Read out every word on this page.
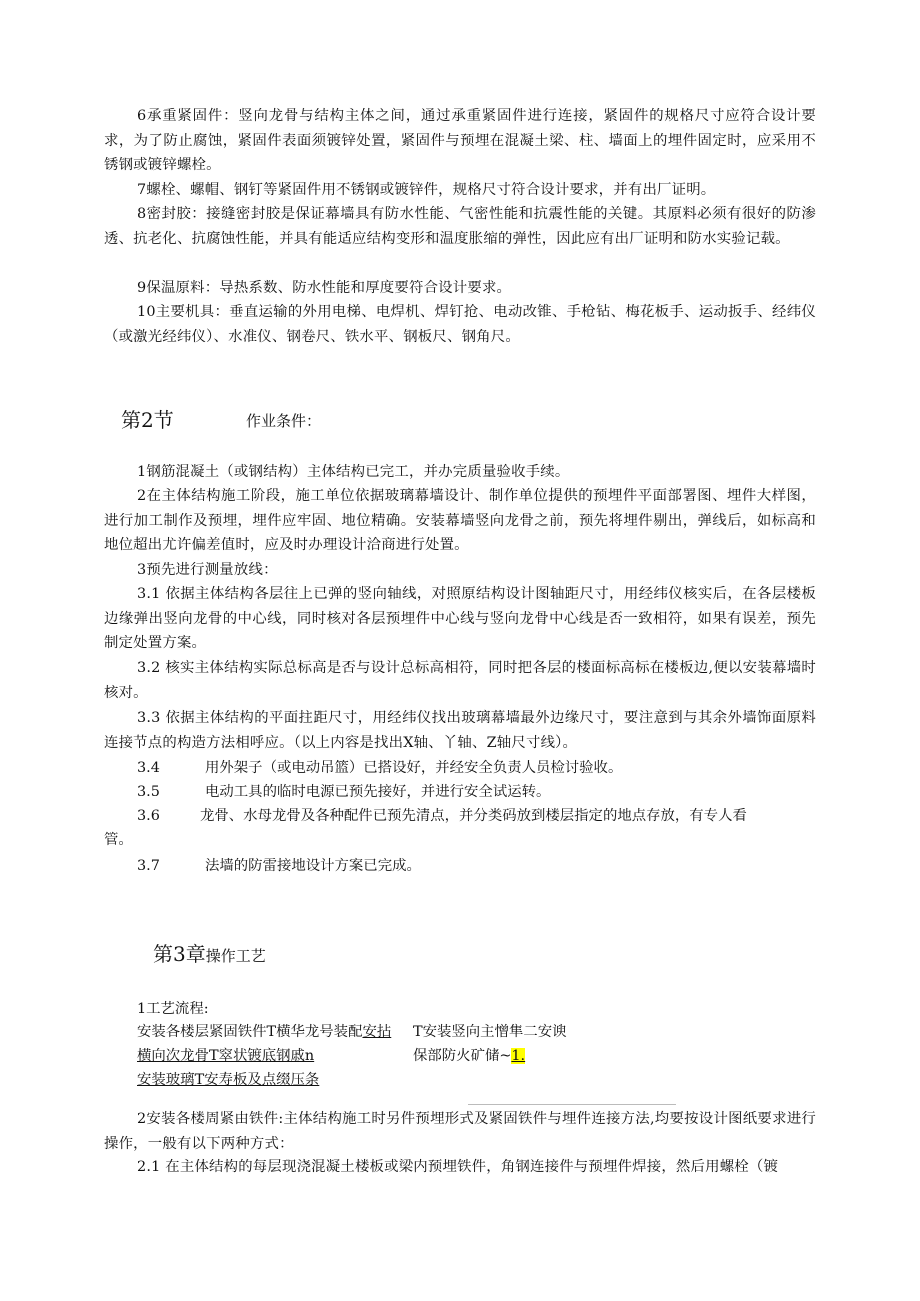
6承重紧固件：竖向龙骨与结构主体之间，通过承重紧固件进行连接，紧固件的规格尺寸应符合设计要求，为了防止腐蚀，紧固件表面须镀锌处置，紧固件与预埋在混凝土梁、柱、墙面上的埋件固定时，应采用不锈钢或镀锌螺栓。

7螺栓、螺帽、钢钉等紧固件用不锈钢或镀锌件，规格尺寸符合设计要求，并有出厂证明。

8密封胶：接缝密封胶是保证幕墙具有防水性能、气密性能和抗震性能的关键。其原料必须有很好的防渗透、抗老化、抗腐蚀性能，并具有能适应结构变形和温度胀缩的弹性，因此应有出厂证明和防水实验记载。

9保温原料：导热系数、防水性能和厚度要符合设计要求。

10主要机具：垂直运输的外用电梯、电焊机、焊钉抢、电动改锥、手枪钻、梅花板手、运动扳手、经纬仪（或激光经纬仪）、水准仪、钢卷尺、铁水平、钢板尺、钢角尺。

第2节	作业条件：

1钢筋混凝土（或钢结构）主体结构已完工，并办完质量验收手续。

2在主体结构施工阶段，施工单位依据玻璃幕墙设计、制作单位提供的预埋件平面部署图、埋件大样图，进行加工制作及预埋，埋件应牢固、地位精确。安装幕墙竖向龙骨之前，预先将埋件剔出，弹线后，如标高和地位超出尤许偏差值时，应及时办理设计洽商进行处置。

3预先进行测量放线：

3.1 依据主体结构各层往上已弹的竖向轴线，对照原结构设计图轴距尺寸，用经纬仪核实后，在各层楼板边缘弹出竖向龙骨的中心线，同时核对各层预埋件中心线与竖向龙骨中心线是否一致相符，如果有误差，预先制定处置方案。

3.2 核实主体结构实际总标高是否与设计总标高相符，同时把各层的楼面标高标在楼板边,便以安装幕墙时核对。

3.3 依据主体结构的平面拄距尺寸，用经纬仪找出玻璃幕墙最外边缘尺寸，要注意到与其余外墙饰面原料连接节点的构造方法相呼应。（以上内容是找出X轴、丫轴、Z轴尺寸线）。

3.4	用外架子（或电动吊篮）已搭设好，并经安全负责人员检讨验收。
3.5	电动工具的临时电源已预先接好，并进行安全试运转。
3.6	龙骨、水母龙骨及各种配件已预先清点，并分类码放到楼层指定的地点存放，有专人看
管。
3.7	法墙的防雷接地设计方案已完成。
第3章操作工艺
1工艺流程:
安装各楼层紧固铁件T横华龙号装配安拈 T安装竖向主憎隼二安谀
横向次龙骨T窣状镀底钢戚n	保部防火矿储~1.
安装玻璃T安寿板及点缀压条

2安装各楼周紧由铁件:主体结构施工时另件预埋形式及紧固铁件与埋件连接方法,均要按设计图纸要求进行操作，一般有以下两种方式：

2.1 在主体结构的每层现浇混凝土楼板或梁内预埋铁件，角钢连接件与预埋件焊接，然后用螺栓（镀
